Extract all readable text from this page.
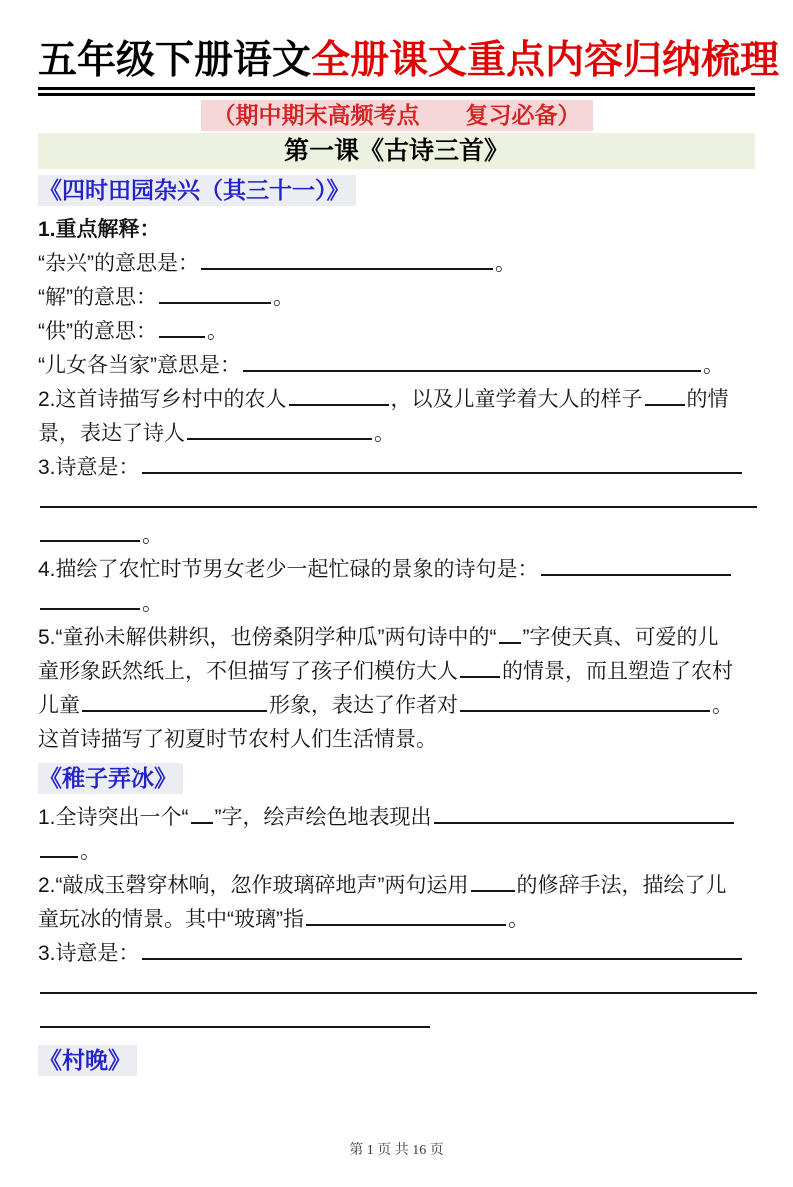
五年级下册语文全册课文重点内容归纳梳理
（期中期末高频考点　　复习必备）
第一课《古诗三首》
《四时田园杂兴（其三十一）》
1.重点解释：
“杂兴”的意思是：	。
“解”的意思：	。
“供”的意思： 。
“儿女各当家”意思是：	。
2.这首诗描写乡村中的农人	，以及儿童学着大人的样子 的情
景，表达了诗人	。
3.诗意是：
。
4.描绘了农忙时节男女老少一起忙碌的景象的诗句是：
。
5.“童孙未解供耕织，也傍桑阴学种瓜”两句诗中的“ ”字使天真、可爱的儿
童形象跃然纸上，不但描写了孩子们模仿大人 的情景，而且塑造了农村
儿童	形象，表达了作者对	。
这首诗描写了初夏时节农村人们生活情景。
《稚子弄冰》
1.全诗突出一个“ ”字，绘声绘色地表现出
。
2.“敲成玉磬穿林响，忽作玻璃碎地声”两句运用 的修辞手法，描绘了儿
童玩冰的情景。其中“玻璃”指	。
3.诗意是：
《村晚》
第 1 页 共 16 页
